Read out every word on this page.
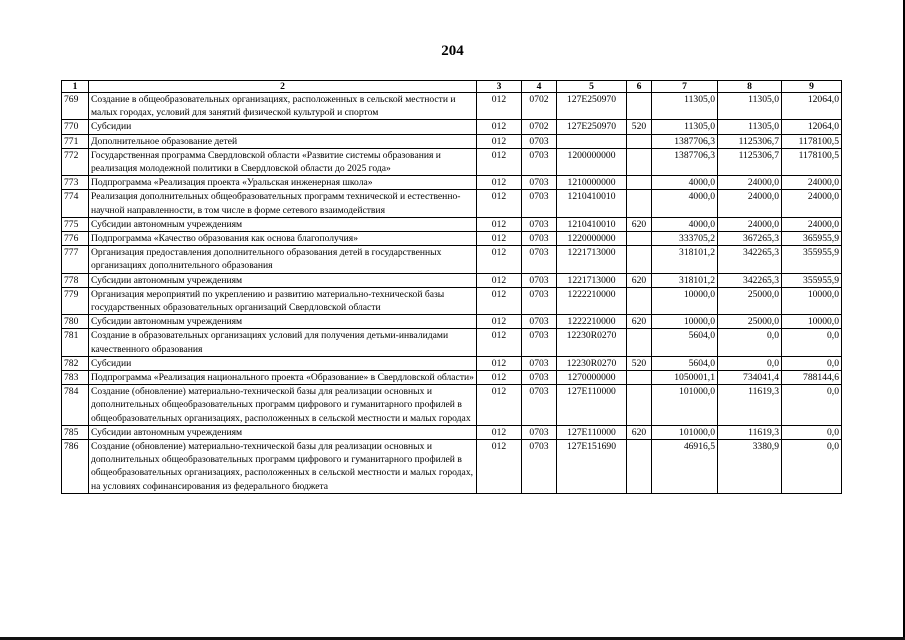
204
1	2	3	4	5	6	7	8	9
769	Создание в общеобразовательных организациях, расположенных в сельской местности и малых городах, условий для занятий физической культурой и спортом	012	0702	127E250970		11305,0	11305,0	12064,0
770	Субсидии	012	0702	127E250970	520	11305,0	11305,0	12064,0
771	Дополнительное образование детей	012	0703			1387706,3	1125306,7	1178100,5
772	Государственная программа Свердловской области «Развитие системы образования и реализация молодежной политики в Свердловской области до 2025 года»	012	0703	1200000000		1387706,3	1125306,7	1178100,5
773	Подпрограмма «Реализация проекта «Уральская инженерная школа»	012	0703	1210000000		4000,0	24000,0	24000,0
774	Реализация дополнительных общеобразовательных программ технической и естественно-научной направленности, в том числе в форме сетевого взаимодействия	012	0703	1210410010		4000,0	24000,0	24000,0
775	Субсидии автономным учреждениям	012	0703	1210410010	620	4000,0	24000,0	24000,0
776	Подпрограмма «Качество образования как основа благополучия»	012	0703	1220000000		333705,2	367265,3	365955,9
777	Организация предоставления дополнительного образования детей в государственных организациях дополнительного образования	012	0703	1221713000		318101,2	342265,3	355955,9
778	Субсидии автономным учреждениям	012	0703	1221713000	620	318101,2	342265,3	355955,9
779	Организация мероприятий по укреплению и развитию материально-технической базы государственных образовательных организаций Свердловской области	012	0703	1222210000		10000,0	25000,0	10000,0
780	Субсидии автономным учреждениям	012	0703	1222210000	620	10000,0	25000,0	10000,0
781	Создание в образовательных организациях условий для получения детьми-инвалидами качественного образования	012	0703	12230R0270		5604,0	0,0	0,0
782	Субсидии	012	0703	12230R0270	520	5604,0	0,0	0,0
783	Подпрограмма «Реализация национального проекта «Образование» в Свердловской области»	012	0703	1270000000		1050001,1	734041,4	788144,6
784	Создание (обновление) материально-технической базы для реализации основных и дополнительных общеобразовательных программ цифрового и гуманитарного профилей в общеобразовательных организациях, расположенных в сельской местности и малых городах	012	0703	127E110000		101000,0	11619,3	0,0
785	Субсидии автономным учреждениям	012	0703	127E110000	620	101000,0	11619,3	0,0
786	Создание (обновление) материально-технической базы для реализации основных и дополнительных общеобразовательных программ цифрового и гуманитарного профилей в общеобразовательных организациях, расположенных в сельской местности и малых городах, на условиях софинансирования из федерального бюджета	012	0703	127E151690		46916,5	3380,9	0,0
